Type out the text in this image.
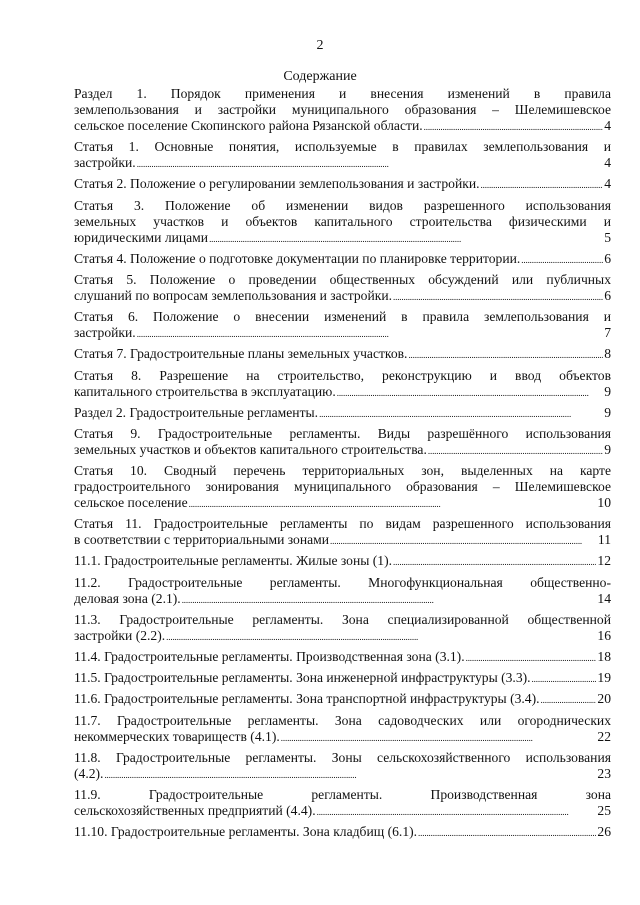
2
Содержание
Раздел 1. Порядок применения и внесения изменений в правила
землепользования и застройки муниципального образования – Шелемишевское
сельское поселение Скопинского района Рязанской области. . . .	4
Статья 1. Основные понятия, используемые в правилах землепользования и
застройки. . . .	4
Статья 2. Положение о регулировании землепользования и застройки. . . .	4
Статья 3. Положение об изменении видов разрешенного использования
земельных участков и объектов капитального строительства физическими и
юридическими лицами . . .	5
Статья 4. Положение о подготовке документации по планировке территории. . . .	6
Статья 5. Положение о проведении общественных обсуждений или публичных
слушаний по вопросам землепользования и застройки. . . .	6
Статья 6. Положение о внесении изменений в правила землепользования и
застройки. . . .	7
Статья 7. Градостроительные планы земельных участков. . . .	8
Статья 8. Разрешение на строительство, реконструкцию и ввод объектов
капитального строительства в эксплуатацию. . . .	9
Раздел 2. Градостроительные регламенты. . . .	9
Статья 9. Градостроительные регламенты. Виды разрешённого использования
земельных участков и объектов капитального строительства. . . .	9
Статья 10. Сводный перечень территориальных зон, выделенных на карте
градостроительного зонирования муниципального образования – Шелемишевское
сельское поселение . . .	10
Статья 11. Градостроительные регламенты по видам разрешенного использования
в соответствии с территориальными зонами . . .	11
11.1. Градостроительные регламенты. Жилые зоны (1). . . .	12
11.2. Градостроительные регламенты. Многофункциональная общественно-
деловая зона (2.1). . . .	14
11.3. Градостроительные регламенты. Зона специализированной общественной
застройки (2.2). . . .	16
11.4. Градостроительные регламенты. Производственная зона (3.1). . . .	18
11.5. Градостроительные регламенты. Зона инженерной инфраструктуры (3.3). . . .	19
11.6. Градостроительные регламенты. Зона транспортной инфраструктуры (3.4). . . .	20
11.7. Градостроительные регламенты. Зона садоводческих или огороднических
некоммерческих товариществ (4.1). . . .	22
11.8. Градостроительные регламенты. Зоны сельскохозяйственного использования
(4.2). . . .	23
11.9. Градостроительные регламенты. Производственная зона
сельскохозяйственных предприятий (4.4). . . .	25
11.10. Градостроительные регламенты. Зона кладбищ (6.1). . . .	26
